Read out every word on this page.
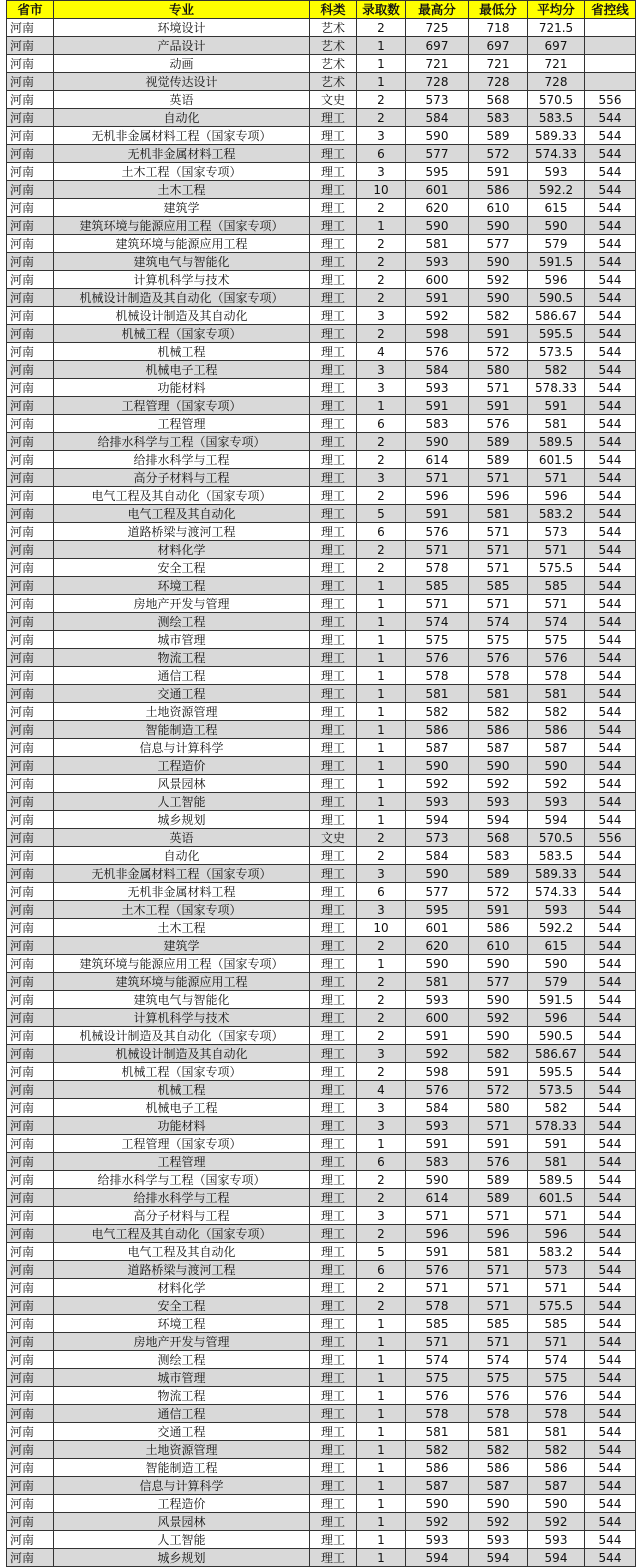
省市	专业	科类	录取数	最高分	最低分	平均分	省控线
河南	环境设计	艺术	2	725	718	721.5	
河南	产品设计	艺术	1	697	697	697	
河南	动画	艺术	1	721	721	721	
河南	视觉传达设计	艺术	1	728	728	728	
河南	英语	文史	2	573	568	570.5	556
河南	自动化	理工	2	584	583	583.5	544
河南	无机非金属材料工程（国家专项）	理工	3	590	589	589.33	544
河南	无机非金属材料工程	理工	6	577	572	574.33	544
河南	土木工程（国家专项）	理工	3	595	591	593	544
河南	土木工程	理工	10	601	586	592.2	544
河南	建筑学	理工	2	620	610	615	544
河南	建筑环境与能源应用工程（国家专项）	理工	1	590	590	590	544
河南	建筑环境与能源应用工程	理工	2	581	577	579	544
河南	建筑电气与智能化	理工	2	593	590	591.5	544
河南	计算机科学与技术	理工	2	600	592	596	544
河南	机械设计制造及其自动化（国家专项）	理工	2	591	590	590.5	544
河南	机械设计制造及其自动化	理工	3	592	582	586.67	544
河南	机械工程（国家专项）	理工	2	598	591	595.5	544
河南	机械工程	理工	4	576	572	573.5	544
河南	机械电子工程	理工	3	584	580	582	544
河南	功能材料	理工	3	593	571	578.33	544
河南	工程管理（国家专项）	理工	1	591	591	591	544
河南	工程管理	理工	6	583	576	581	544
河南	给排水科学与工程（国家专项）	理工	2	590	589	589.5	544
河南	给排水科学与工程	理工	2	614	589	601.5	544
河南	高分子材料与工程	理工	3	571	571	571	544
河南	电气工程及其自动化（国家专项）	理工	2	596	596	596	544
河南	电气工程及其自动化	理工	5	591	581	583.2	544
河南	道路桥梁与渡河工程	理工	6	576	571	573	544
河南	材料化学	理工	2	571	571	571	544
河南	安全工程	理工	2	578	571	575.5	544
河南	环境工程	理工	1	585	585	585	544
河南	房地产开发与管理	理工	1	571	571	571	544
河南	测绘工程	理工	1	574	574	574	544
河南	城市管理	理工	1	575	575	575	544
河南	物流工程	理工	1	576	576	576	544
河南	通信工程	理工	1	578	578	578	544
河南	交通工程	理工	1	581	581	581	544
河南	土地资源管理	理工	1	582	582	582	544
河南	智能制造工程	理工	1	586	586	586	544
河南	信息与计算科学	理工	1	587	587	587	544
河南	工程造价	理工	1	590	590	590	544
河南	风景园林	理工	1	592	592	592	544
河南	人工智能	理工	1	593	593	593	544
河南	城乡规划	理工	1	594	594	594	544
河南	英语	文史	2	573	568	570.5	556
河南	自动化	理工	2	584	583	583.5	544
河南	无机非金属材料工程（国家专项）	理工	3	590	589	589.33	544
河南	无机非金属材料工程	理工	6	577	572	574.33	544
河南	土木工程（国家专项）	理工	3	595	591	593	544
河南	土木工程	理工	10	601	586	592.2	544
河南	建筑学	理工	2	620	610	615	544
河南	建筑环境与能源应用工程（国家专项）	理工	1	590	590	590	544
河南	建筑环境与能源应用工程	理工	2	581	577	579	544
河南	建筑电气与智能化	理工	2	593	590	591.5	544
河南	计算机科学与技术	理工	2	600	592	596	544
河南	机械设计制造及其自动化（国家专项）	理工	2	591	590	590.5	544
河南	机械设计制造及其自动化	理工	3	592	582	586.67	544
河南	机械工程（国家专项）	理工	2	598	591	595.5	544
河南	机械工程	理工	4	576	572	573.5	544
河南	机械电子工程	理工	3	584	580	582	544
河南	功能材料	理工	3	593	571	578.33	544
河南	工程管理（国家专项）	理工	1	591	591	591	544
河南	工程管理	理工	6	583	576	581	544
河南	给排水科学与工程（国家专项）	理工	2	590	589	589.5	544
河南	给排水科学与工程	理工	2	614	589	601.5	544
河南	高分子材料与工程	理工	3	571	571	571	544
河南	电气工程及其自动化（国家专项）	理工	2	596	596	596	544
河南	电气工程及其自动化	理工	5	591	581	583.2	544
河南	道路桥梁与渡河工程	理工	6	576	571	573	544
河南	材料化学	理工	2	571	571	571	544
河南	安全工程	理工	2	578	571	575.5	544
河南	环境工程	理工	1	585	585	585	544
河南	房地产开发与管理	理工	1	571	571	571	544
河南	测绘工程	理工	1	574	574	574	544
河南	城市管理	理工	1	575	575	575	544
河南	物流工程	理工	1	576	576	576	544
河南	通信工程	理工	1	578	578	578	544
河南	交通工程	理工	1	581	581	581	544
河南	土地资源管理	理工	1	582	582	582	544
河南	智能制造工程	理工	1	586	586	586	544
河南	信息与计算科学	理工	1	587	587	587	544
河南	工程造价	理工	1	590	590	590	544
河南	风景园林	理工	1	592	592	592	544
河南	人工智能	理工	1	593	593	593	544
河南	城乡规划	理工	1	594	594	594	544
